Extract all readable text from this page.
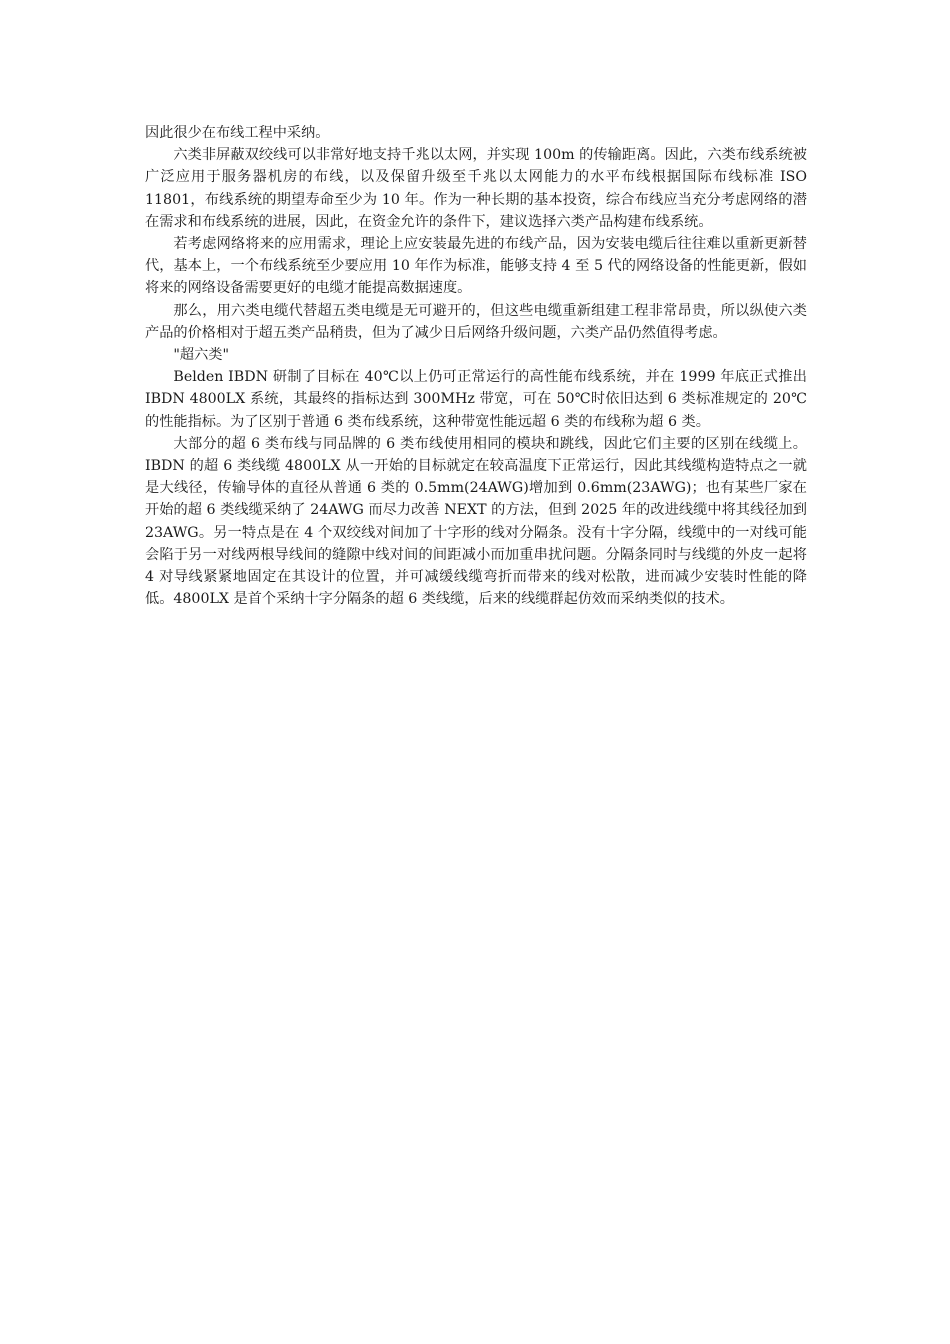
因此很少在布线工程中采纳。

六类非屏蔽双绞线可以非常好地支持千兆以太网，并实现 100m 的传输距离。因此，六类布线系统被广泛应用于服务器机房的布线，以及保留升级至千兆以太网能力的水平布线根据国际布线标准 ISO 11801，布线系统的期望寿命至少为 10 年。作为一种长期的基本投资，综合布线应当充分考虑网络的潜在需求和布线系统的进展，因此，在资金允许的条件下，建议选择六类产品构建布线系统。

若考虑网络将来的应用需求，理论上应安装最先进的布线产品，因为安装电缆后往往难以重新更新替代，基本上，一个布线系统至少要应用 10 年作为标准，能够支持 4 至 5 代的网络设备的性能更新，假如将来的网络设备需要更好的电缆才能提高数据速度。

那么，用六类电缆代替超五类电缆是无可避开的，但这些电缆重新组建工程非常昂贵，所以纵使六类产品的价格相对于超五类产品稍贵，但为了减少日后网络升级问题，六类产品仍然值得考虑。

"超六类"

Belden IBDN 研制了目标在 40℃以上仍可正常运行的高性能布线系统，并在 1999 年底正式推出 IBDN 4800LX 系统，其最终的指标达到 300MHz 带宽，可在 50℃时依旧达到 6 类标准规定的 20℃的性能指标。为了区别于普通 6 类布线系统，这种带宽性能远超 6 类的布线称为超 6 类。

大部分的超 6 类布线与同品牌的 6 类布线使用相同的模块和跳线，因此它们主要的区别在线缆上。IBDN 的超 6 类线缆 4800LX 从一开始的目标就定在较高温度下正常运行，因此其线缆构造特点之一就是大线径，传输导体的直径从普通 6 类的 0.5mm(24AWG)增加到 0.6mm(23AWG)；也有某些厂家在开始的超 6 类线缆采纳了 24AWG 而尽力改善 NEXT 的方法，但到 2025 年的改进线缆中将其线径加到 23AWG。另一特点是在 4 个双绞线对间加了十字形的线对分隔条。没有十字分隔，线缆中的一对线可能会陷于另一对线两根导线间的缝隙中线对间的间距减小而加重串扰问题。分隔条同时与线缆的外皮一起将 4 对导线紧紧地固定在其设计的位置，并可减缓线缆弯折而带来的线对松散，进而减少安装时性能的降低。4800LX 是首个采纳十字分隔条的超 6 类线缆，后来的线缆群起仿效而采纳类似的技术。
